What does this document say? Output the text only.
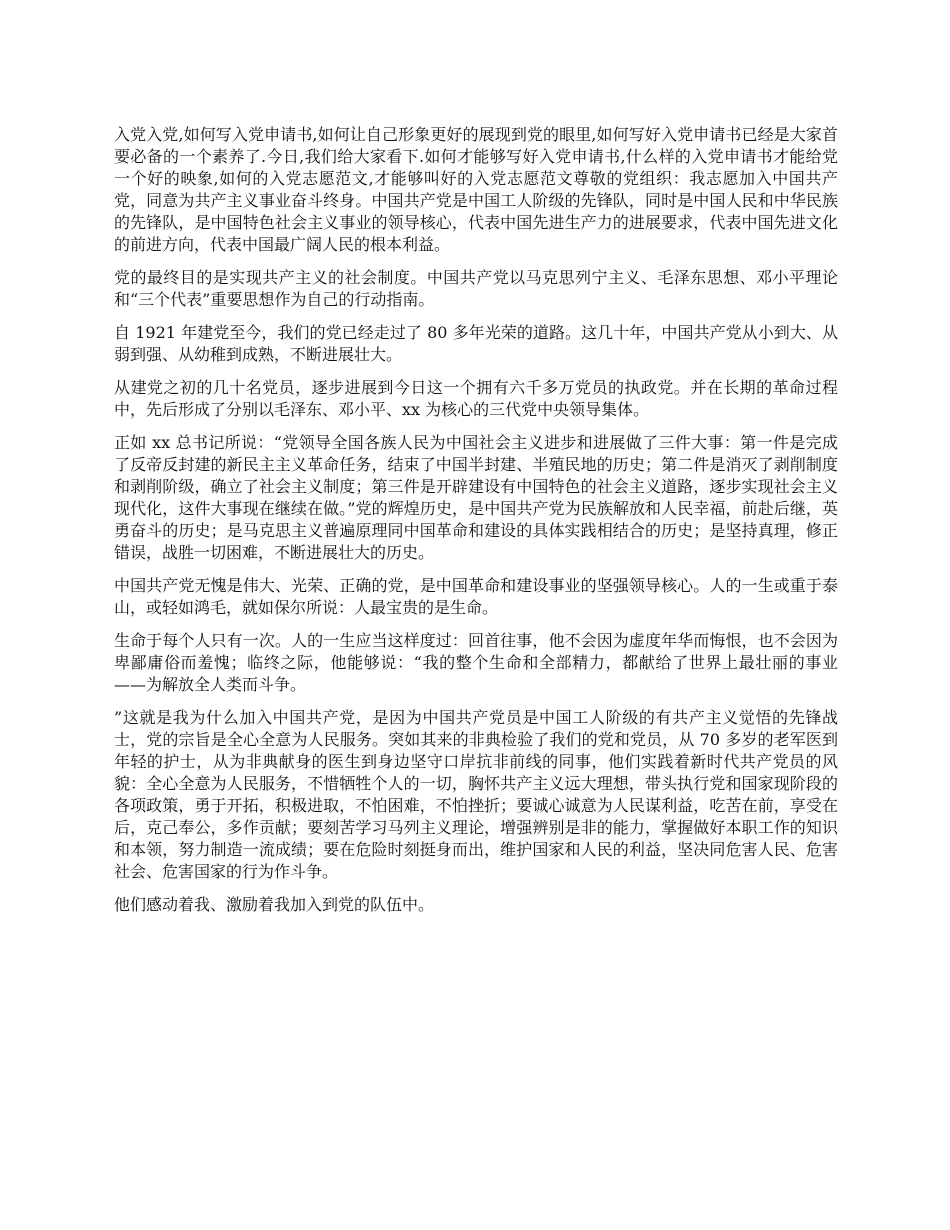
入党入党,如何写入党申请书,如何让自己形象更好的展现到党的眼里,如何写好入党申请书已经是大家首要必备的一个素养了.今日,我们给大家看下.如何才能够写好入党申请书,什么样的入党申请书才能给党一个好的映象,如何的入党志愿范文,才能够叫好的入党志愿范文尊敬的党组织：我志愿加入中国共产党，同意为共产主义事业奋斗终身。中国共产党是中国工人阶级的先锋队，同时是中国人民和中华民族的先锋队，是中国特色社会主义事业的领导核心，代表中国先进生产力的进展要求，代表中国先进文化的前进方向，代表中国最广阔人民的根本利益。

党的最终目的是实现共产主义的社会制度。中国共产党以马克思列宁主义、毛泽东思想、邓小平理论和“三个代表”重要思想作为自己的行动指南。

自 1921 年建党至今，我们的党已经走过了 80 多年光荣的道路。这几十年，中国共产党从小到大、从弱到强、从幼稚到成熟，不断进展壮大。

从建党之初的几十名党员，逐步进展到今日这一个拥有六千多万党员的执政党。并在长期的革命过程中，先后形成了分别以毛泽东、邓小平、xx 为核心的三代党中央领导集体。

正如 xx 总书记所说：“党领导全国各族人民为中国社会主义进步和进展做了三件大事：第一件是完成了反帝反封建的新民主主义革命任务，结束了中国半封建、半殖民地的历史；第二件是消灭了剥削制度和剥削阶级，确立了社会主义制度；第三件是开辟建设有中国特色的社会主义道路，逐步实现社会主义现代化，这件大事现在继续在做。”党的辉煌历史，是中国共产党为民族解放和人民幸福，前赴后继，英勇奋斗的历史；是马克思主义普遍原理同中国革命和建设的具体实践相结合的历史；是坚持真理，修正错误，战胜一切困难，不断进展壮大的历史。

中国共产党无愧是伟大、光荣、正确的党，是中国革命和建设事业的坚强领导核心。人的一生或重于泰山，或轻如鸿毛，就如保尔所说：人最宝贵的是生命。

生命于每个人只有一次。人的一生应当这样度过：回首往事，他不会因为虚度年华而悔恨，也不会因为卑鄙庸俗而羞愧；临终之际，他能够说：“我的整个生命和全部精力，都献给了世界上最壮丽的事业——为解放全人类而斗争。

”这就是我为什么加入中国共产党，是因为中国共产党员是中国工人阶级的有共产主义觉悟的先锋战士，党的宗旨是全心全意为人民服务。突如其来的非典检验了我们的党和党员，从 70 多岁的老军医到年轻的护士，从为非典献身的医生到身边坚守口岸抗非前线的同事，他们实践着新时代共产党员的风貌：全心全意为人民服务，不惜牺牲个人的一切，胸怀共产主义远大理想，带头执行党和国家现阶段的各项政策，勇于开拓，积极进取，不怕困难，不怕挫折；要诚心诚意为人民谋利益，吃苦在前，享受在后，克己奉公，多作贡献；要刻苦学习马列主义理论，增强辨别是非的能力，掌握做好本职工作的知识和本领，努力制造一流成绩；要在危险时刻挺身而出，维护国家和人民的利益，坚决同危害人民、危害社会、危害国家的行为作斗争。

他们感动着我、激励着我加入到党的队伍中。
